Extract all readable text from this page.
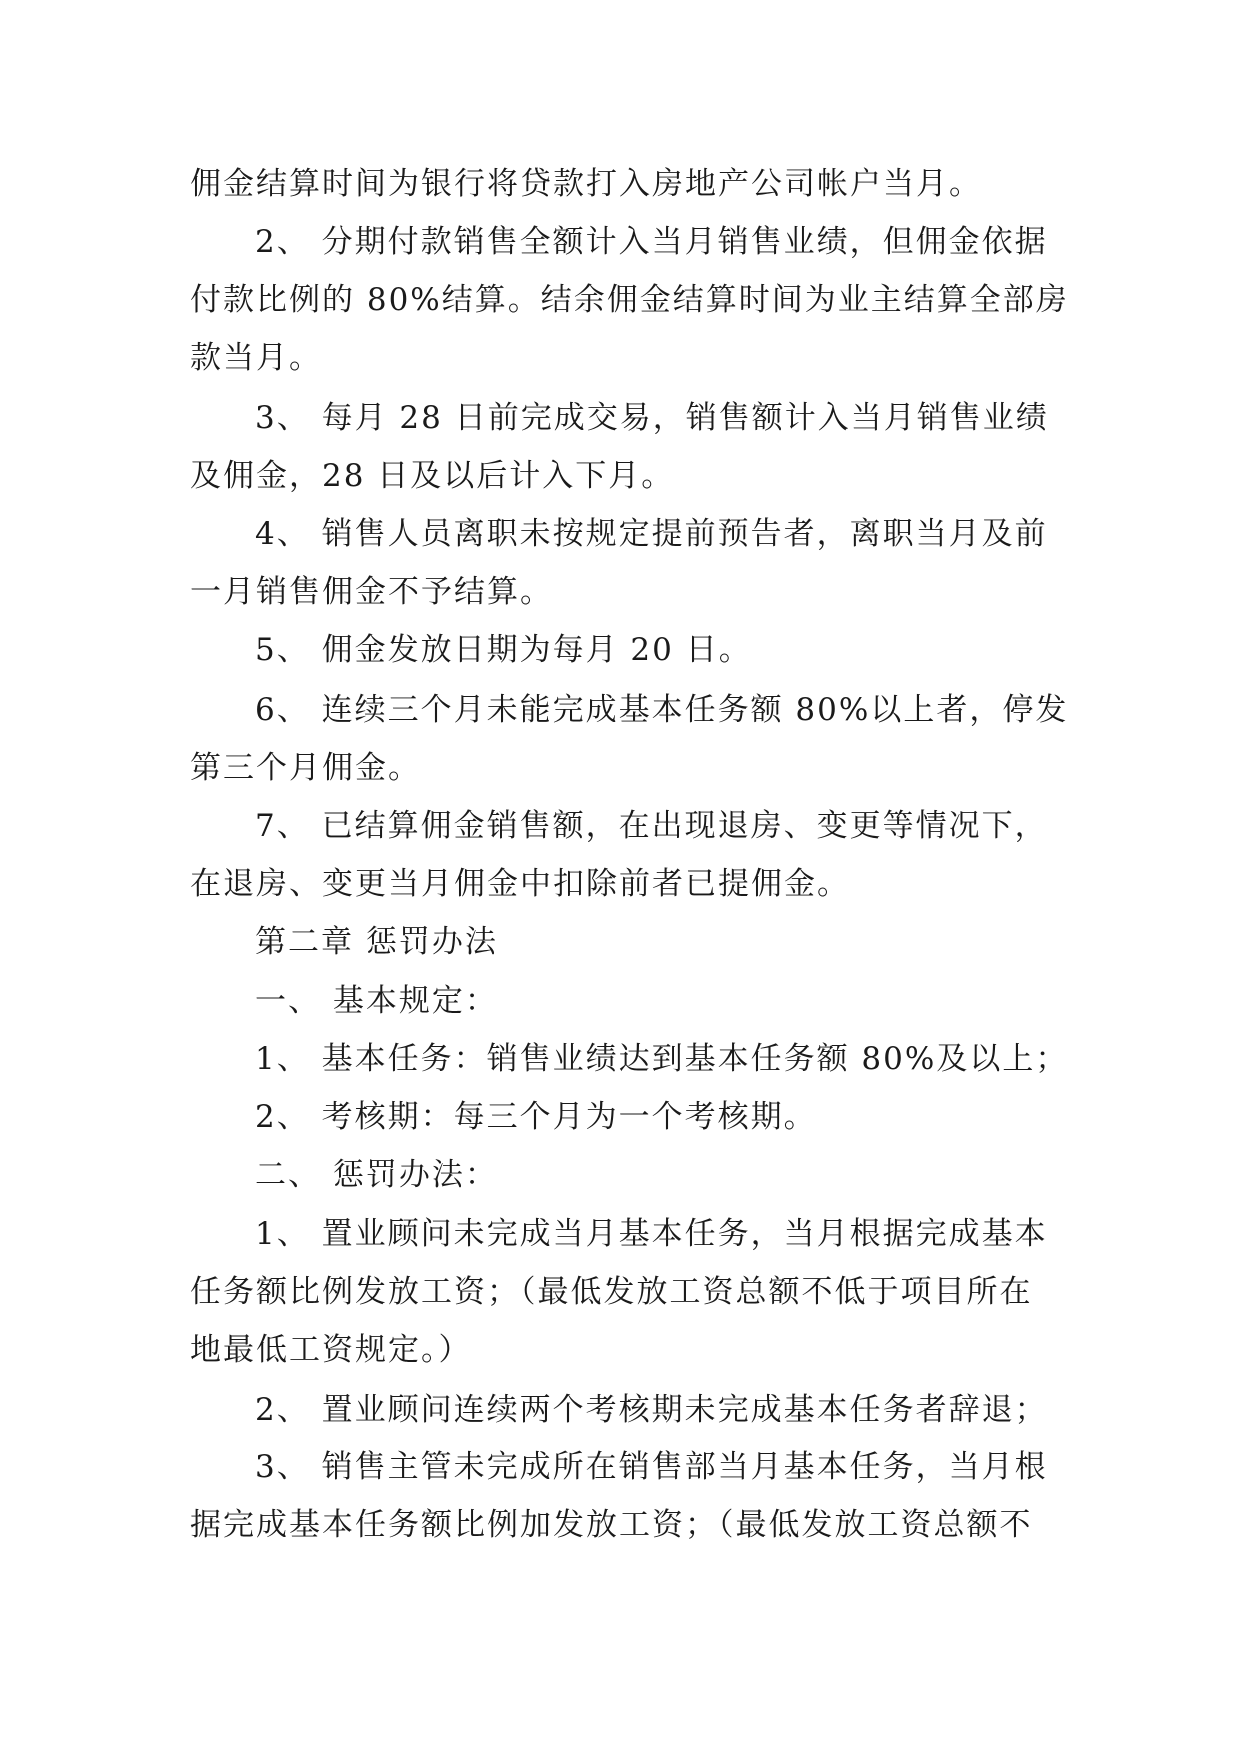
佣金结算时间为银行将贷款打入房地产公司帐户当月。

2、 分期付款销售全额计入当月销售业绩，但佣金依据

付款比例的 80%结算。结余佣金结算时间为业主结算全部房

款当月。

3、 每月 28 日前完成交易，销售额计入当月销售业绩

及佣金，28 日及以后计入下月。

4、 销售人员离职未按规定提前预告者，离职当月及前

一月销售佣金不予结算。

5、 佣金发放日期为每月 20 日。

6、 连续三个月未能完成基本任务额 80%以上者，停发

第三个月佣金。

7、 已结算佣金销售额，在出现退房、变更等情况下，

在退房、变更当月佣金中扣除前者已提佣金。

第二章 惩罚办法

一、 基本规定：

1、 基本任务：销售业绩达到基本任务额 80%及以上；

2、 考核期：每三个月为一个考核期。

二、 惩罚办法：

1、 置业顾问未完成当月基本任务，当月根据完成基本

任务额比例发放工资；（最低发放工资总额不低于项目所在

地最低工资规定。）

2、 置业顾问连续两个考核期未完成基本任务者辞退；

3、 销售主管未完成所在销售部当月基本任务，当月根

据完成基本任务额比例加发放工资；（最低发放工资总额不
